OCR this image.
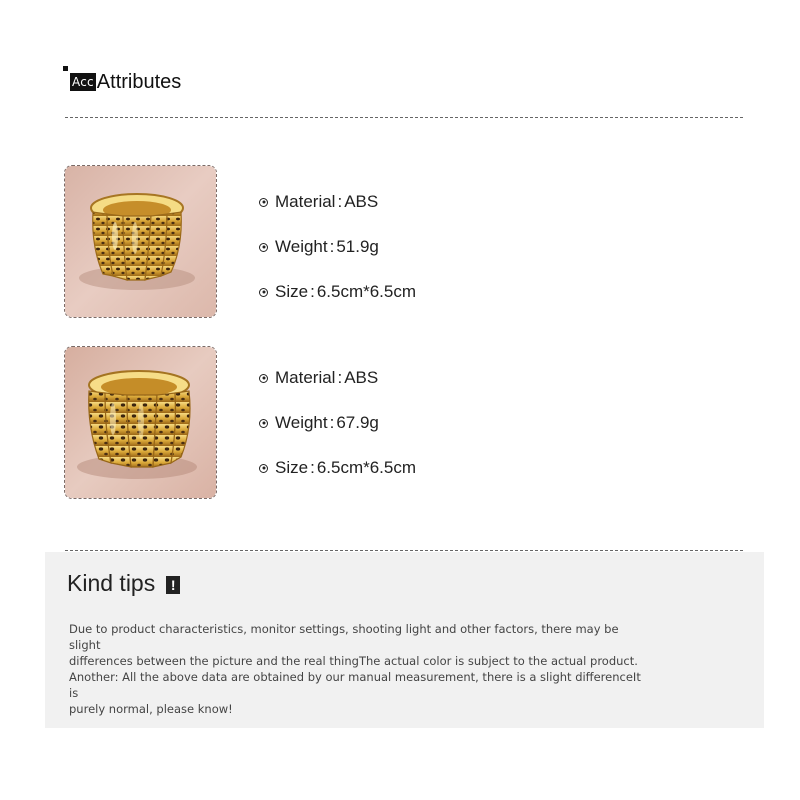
Acc Attributes
Material : ABS
Weight : 51.9g
Size : 6.5cm*6.5cm
Material : ABS
Weight : 67.9g
Size : 6.5cm*6.5cm
Kind tips	!

Due to product characteristics, monitor settings, shooting light and other factors, there may be slight

differences between the picture and the real thingThe actual color is subject to the actual product.

Another: All the above data are obtained by our manual measurement, there is a slight differenceIt is

purely normal, please know!
